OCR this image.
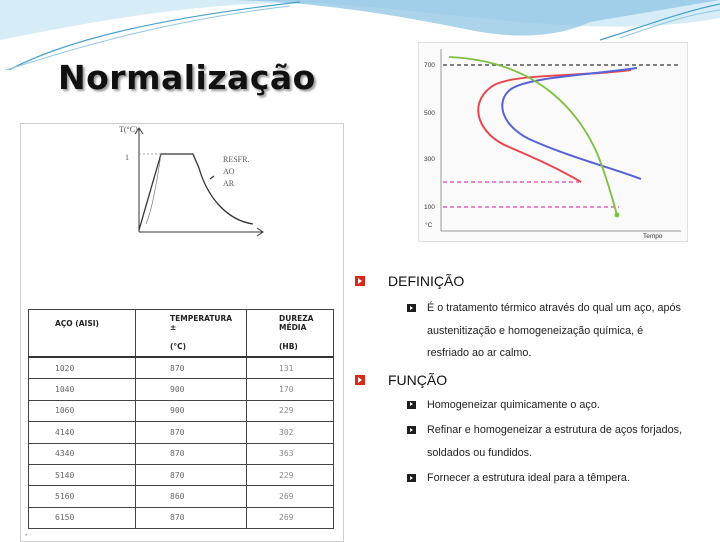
Normalização	700
500
300
100
°C
Tempo
T(°C)
1	RESFR.
AO
AR
AÇO (AISI)	TEMPERATURA ±	DUREZA MÉDIA
	(°C)	(HB)
1020	870	131
1040	900	170
1060	900	229
4140	870	302
4340	870	363
5140	870	229
5160	860	269
6150	870	269
*
DEFINIÇÃO
É o tratamento térmico através do qual um aço, após austenitização e homogeneização química, é resfriado ao ar calmo.
FUNÇÃO
Homogeneizar quimicamente o aço.
Refinar e homogeneizar a estrutura de aços forjados, soldados ou fundidos.
Fornecer a estrutura ideal para a têmpera.
